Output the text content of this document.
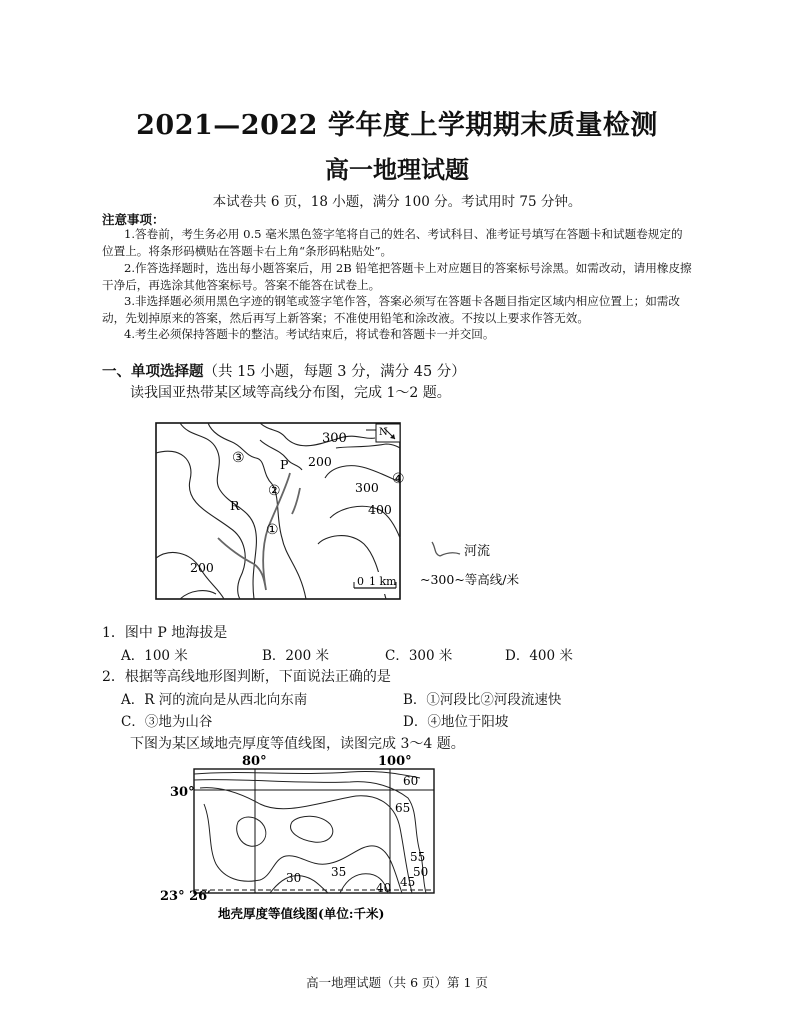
2021—2022 学年度上学期期末质量检测
高一地理试题
本试卷共 6 页，18 小题，满分 100 分。考试用时 75 分钟。
注意事项：
1.答卷前，考生务必用 0.5 毫米黑色签字笔将自己的姓名、考试科目、准考证号填写在答题卡和试题卷规定的位置上。将条形码横贴在答题卡右上角“条形码粘贴处”。
2.作答选择题时，选出每小题答案后，用 2B 铅笔把答题卡上对应题目的答案标号涂黑。如需改动，请用橡皮擦干净后，再选涂其他答案标号。答案不能答在试卷上。
3.非选择题必须用黑色字迹的钢笔或签字笔作答，答案必须写在答题卡各题目指定区域内相应位置上；如需改动，先划掉原来的答案，然后再写上新答案；不准使用铅笔和涂改液。不按以上要求作答无效。
4.考生必须保持答题卡的整洁。考试结束后，将试卷和答题卡一并交回。
一、单项选择题（共 15 小题，每题 3 分，满分 45 分）
读我国亚热带某区域等高线分布图，完成 1～2 题。
300	N
200
P
③
②
④
300
400
R
①
200
0 1 km
河流
~300~等高线/米
1．图中 P 地海拔是
A．100 米	B．200 米	C．300 米	D．400 米
2．根据等高线地形图判断，下面说法正确的是
A．R 河的流向是从西北向东南	B．①河段比②河段流速快
C．③地为山谷	D．④地位于阳坡
下图为某区域地壳厚度等值线图，读图完成 3～4 题。
80°	100°
30°
23° 26′
60
65
55
50
45
40
35
30
地壳厚度等值线图(单位:千米)
高一地理试题（共 6 页）第 1 页
